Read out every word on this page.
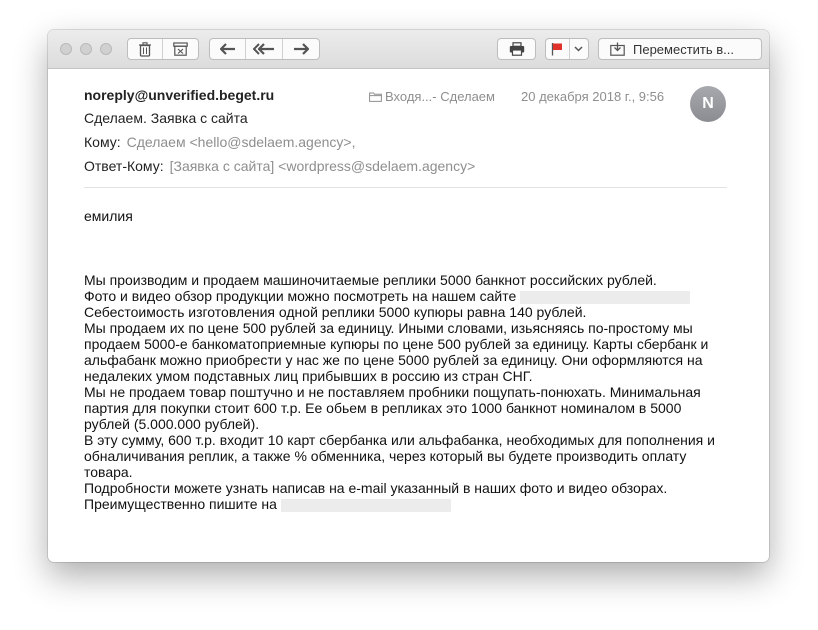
Переместить в...
noreply@unverified.beget.ru	Входя...- Сделаем 20 декабря 2018 г., 9:56 N
Сделаем. Заявка с сайта
Кому: Сделаем <hello@sdelaem.agency>,
Ответ-Кому: [Заявка с сайта] <wordpress@sdelaem.agency>
емилия
Мы производим и продаем машиночитаемые реплики 5000 банкнот российских рублей.
Фото и видео обзор продукции можно посмотреть на нашем сайте
Себестоимость изготовления одной реплики 5000 купюры равна 140 рублей.
Мы продаем их по цене 500 рублей за единицу. Иными словами, изьясняясь по-простому мы
продаем 5000-е банкоматоприемные купюры по цене 500 рублей за единицу. Карты сбербанк и
альфабанк можно приобрести у нас же по цене 5000 рублей за единицу. Они оформляются на
недалеких умом подставных лиц прибывших в россию из стран СНГ.
Мы не продаем товар поштучно и не поставляем пробники пощупать-понюхать. Минимальная
партия для покупки стоит 600 т.р. Ее обьем в репликах это 1000 банкнот номиналом в 5000
рублей (5.000.000 рублей).
В эту сумму, 600 т.р. входит 10 карт сбербанка или альфабанка, необходимых для пополнения и
обналичивания реплик, а также % обменника, через который вы будете производить оплату
товара.
Подробности можете узнать написав на e-mail указанный в наших фото и видео обзорах.
Преимущественно пишите на
